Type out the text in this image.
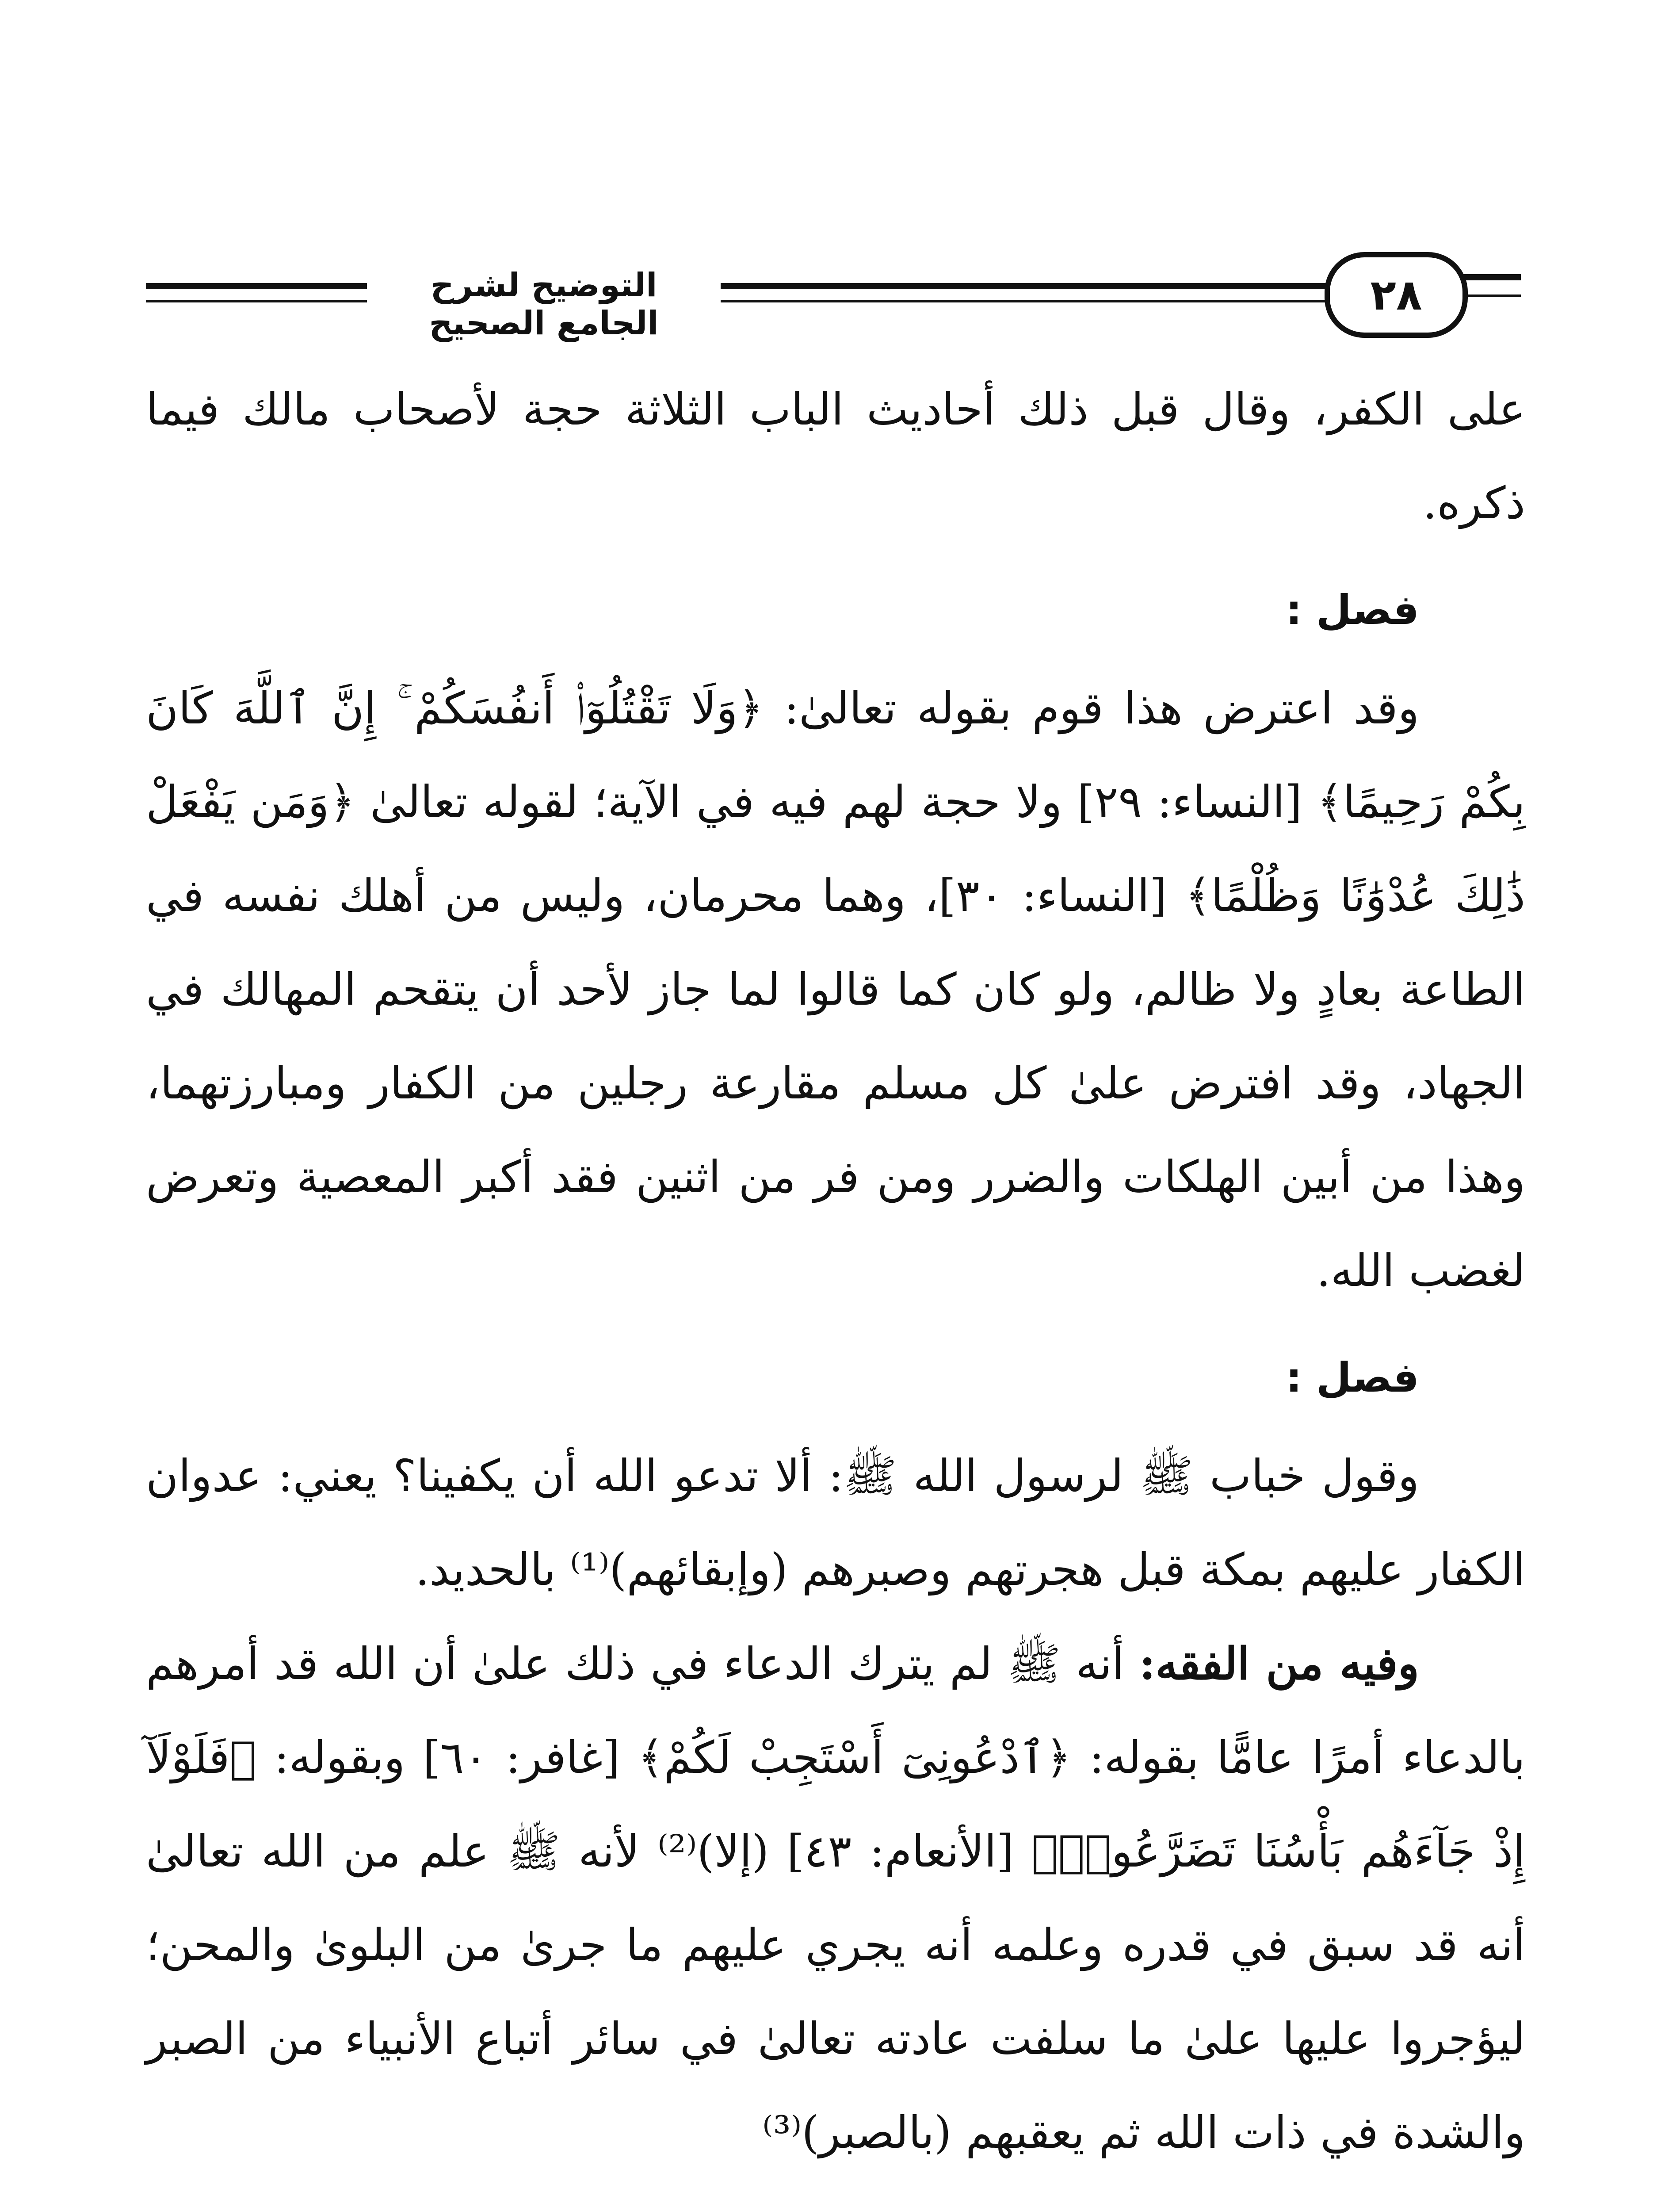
التوضيح لشرح الجامع الصحيح
٢٨

على الكفر، وقال قبل ذلك أحاديث الباب الثلاثة حجة لأصحاب مالك فيما ذكره.

فصل :

وقد اعترض هذا قوم بقوله تعالىٰ: ﴿وَلَا تَقْتُلُوٓا۟ أَنفُسَكُمْ ۚ إِنَّ ٱللَّهَ كَانَ بِكُمْ رَحِيمًا﴾ [النساء: ٢٩] ولا حجة لهم فيه في الآية؛ لقوله تعالىٰ ﴿وَمَن يَفْعَلْ ذَٰلِكَ عُدْوَٰنًا وَظُلْمًا﴾ [النساء: ٣٠]، وهما محرمان، وليس من أهلك نفسه في الطاعة بعادٍ ولا ظالم، ولو كان كما قالوا لما جاز لأحد أن يتقحم المهالك في الجهاد، وقد افترض علىٰ كل مسلم مقارعة رجلين من الكفار ومبارزتهما، وهذا من أبين الهلكات والضرر ومن فر من اثنين فقد أكبر المعصية وتعرض لغضب الله.

فصل :

وقول خباب ﷺ لرسول الله ﷺ: ألا تدعو الله أن يكفينا؟ يعني: عدوان الكفار عليهم بمكة قبل هجرتهم وصبرهم (وإبقائهم)⁽¹⁾ بالحديد.

وفيه من الفقه: أنه ﷺ لم يترك الدعاء في ذلك علىٰ أن الله قد أمرهم بالدعاء أمرًا عامًّا بقوله: ﴿ٱدْعُونِىٓ أَسْتَجِبْ لَكُمْ﴾ [غافر: ٦٠] وبقوله: ﴿فَلَوْلَآ إِذْ جَآءَهُم بَأْسُنَا تَضَرَّعُوا۟﴾ [الأنعام: ٤٣] (إلا)⁽²⁾ لأنه ﷺ علم من الله تعالىٰ أنه قد سبق في قدره وعلمه أنه يجري عليهم ما جرىٰ من البلوىٰ والمحن؛ ليؤجروا عليها علىٰ ما سلفت عادته تعالىٰ في سائر أتباع الأنبياء من الصبر والشدة في ذات الله ثم يعقبهم (بالصبر)⁽³⁾
